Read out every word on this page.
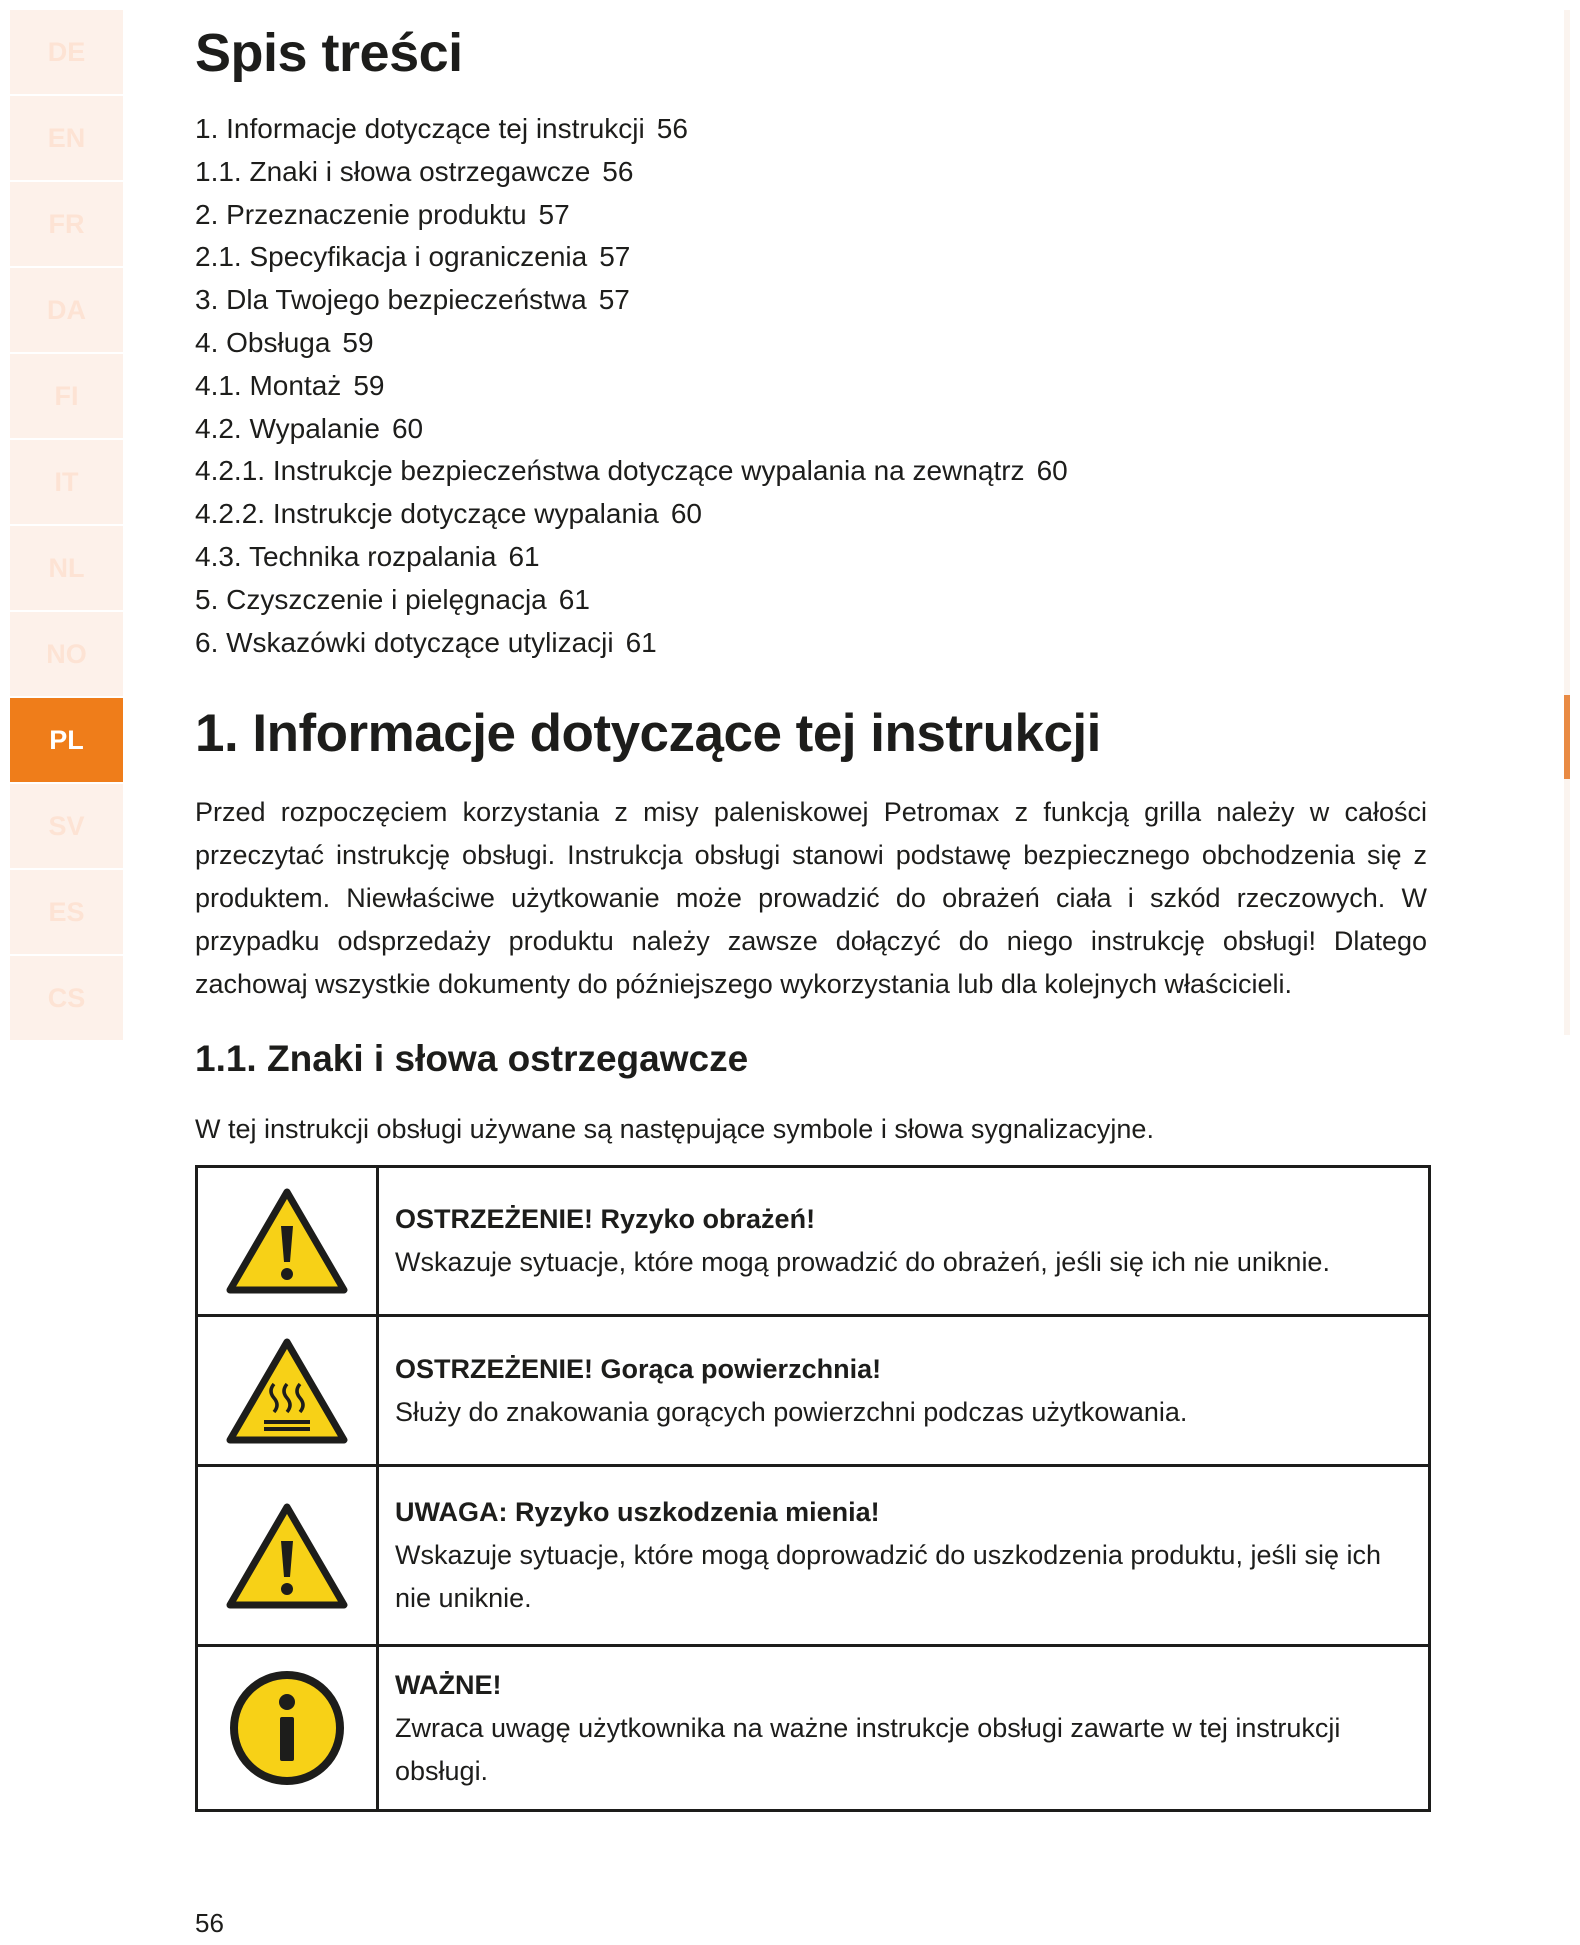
DE
EN
FR
DA
FI
IT
NL
NO
PL
SV
ES
CS
Spis treści
1. Informacje dotyczące tej instrukcji 56
1.1. Znaki i słowa ostrzegawcze 56
2. Przeznaczenie produktu 57
2.1. Specyfikacja i ograniczenia 57
3. Dla Twojego bezpieczeństwa 57
4. Obsługa 59
4.1. Montaż 59
4.2. Wypalanie 60
4.2.1. Instrukcje bezpieczeństwa dotyczące wypalania na zewnątrz 60
4.2.2. Instrukcje dotyczące wypalania 60
4.3. Technika rozpalania 61
5. Czyszczenie i pielęgnacja 61
6. Wskazówki dotyczące utylizacji 61
1. Informacje dotyczące tej instrukcji

Przed rozpoczęciem korzystania z misy paleniskowej Petromax z funkcją grilla należy w całości przeczytać instrukcję obsługi. Instrukcja obsługi stanowi podstawę bezpiecznego obchodzenia się z produktem. Niewłaściwe użytkowanie może prowadzić do obrażeń ciała i szkód rzeczowych. W przypadku odsprzedaży produktu należy zawsze dołączyć do niego instrukcję obsługi! Dlatego zachowaj wszystkie dokumenty do późniejszego wykorzystania lub dla kolejnych właścicieli.

1.1. Znaki i słowa ostrzegawcze

W tej instrukcji obsługi używane są następujące symbole i słowa sygnalizacyjne.

OSTRZEŻENIE! Ryzyko obrażeń!
Wskazuje sytuacje, które mogą prowadzić do obrażeń, jeśli się ich nie uniknie.

OSTRZEŻENIE! Gorąca powierzchnia!
Służy do znakowania gorących powierzchni podczas użytkowania.

UWAGA: Ryzyko uszkodzenia mienia!
Wskazuje sytuacje, które mogą doprowadzić do uszkodzenia produktu, jeśli się ich nie uniknie.

WAŻNE!
Zwraca uwagę użytkownika na ważne instrukcje obsługi zawarte w tej instrukcji obsługi.
56
